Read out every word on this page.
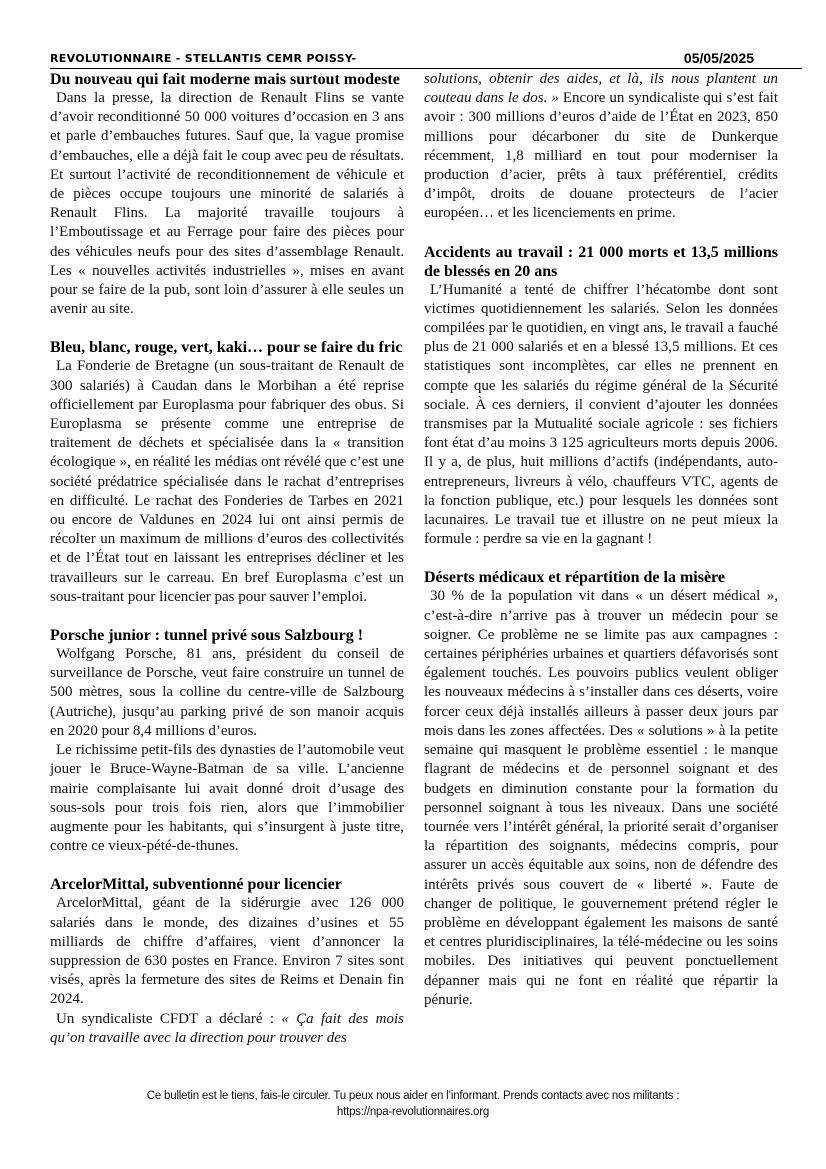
REVOLUTIONNAIRE - STELLANTIS CEMR POISSY-	05/05/2025
Du nouveau qui fait moderne mais surtout modeste

Dans la presse, la direction de Renault Flins se vante d’avoir reconditionné 50 000 voitures d’occasion en 3 ans et parle d’embauches futures. Sauf que, la vague promise d’embauches, elle a déjà fait le coup avec peu de résultats. Et surtout l’activité de reconditionnement de véhicule et de pièces occupe toujours une minorité de salariés à Renault Flins. La majorité travaille toujours à l’Emboutissage et au Ferrage pour faire des pièces pour des véhicules neufs pour des sites d’assemblage Renault. Les « nouvelles activités industrielles », mises en avant pour se faire de la pub, sont loin d’assurer à elle seules un avenir au site.

Bleu, blanc, rouge, vert, kaki… pour se faire du fric

La Fonderie de Bretagne (un sous-traitant de Renault de 300 salariés) à Caudan dans le Morbihan a été reprise officiellement par Europlasma pour fabriquer des obus. Si Europlasma se présente comme une entreprise de traitement de déchets et spécialisée dans la « transition écologique », en réalité les médias ont révélé que c’est une société prédatrice spécialisée dans le rachat d’entreprises en difficulté. Le rachat des Fonderies de Tarbes en 2021 ou encore de Valdunes en 2024 lui ont ainsi permis de récolter un maximum de millions d’euros des collectivités et de l’État tout en laissant les entreprises décliner et les travailleurs sur le carreau. En bref Europlasma c’est un sous-traitant pour licencier pas pour sauver l’emploi.

Porsche junior : tunnel privé sous Salzbourg !

Wolfgang Porsche, 81 ans, président du conseil de surveillance de Porsche, veut faire construire un tunnel de 500 mètres, sous la colline du centre-ville de Salzbourg (Autriche), jusqu’au parking privé de son manoir acquis en 2020 pour 8,4 millions d’euros.

Le richissime petit-fils des dynasties de l’automobile veut jouer le Bruce-Wayne-Batman de sa ville. L’ancienne mairie complaisante lui avait donné droit d’usage des sous-sols pour trois fois rien, alors que l’immobilier augmente pour les habitants, qui s’insurgent à juste titre, contre ce vieux-pété-de-thunes.

ArcelorMittal, subventionné pour licencier

ArcelorMittal, géant de la sidérurgie avec 126 000 salariés dans le monde, des dizaines d’usines et 55 milliards de chiffre d’affaires, vient d’annoncer la suppression de 630 postes en France. Environ 7 sites sont visés, après la fermeture des sites de Reims et Denain fin 2024.

Un syndicaliste CFDT a déclaré : « Ça fait des mois qu’on travaille avec la direction pour trouver des

solutions, obtenir des aides, et là, ils nous plantent un couteau dans le dos. » Encore un syndicaliste qui s’est fait avoir : 300 millions d’euros d’aide de l’État en 2023, 850 millions pour décarboner du site de Dunkerque récemment, 1,8 milliard en tout pour moderniser la production d’acier, prêts à taux préférentiel, crédits d’impôt, droits de douane protecteurs de l’acier européen… et les licenciements en prime.

Accidents au travail : 21 000 morts et 13,5 millions de blessés en 20 ans

L’Humanité a tenté de chiffrer l’hécatombe dont sont victimes quotidiennement les salariés. Selon les données compilées par le quotidien, en vingt ans, le travail a fauché plus de 21 000 salariés et en a blessé 13,5 millions. Et ces statistiques sont incomplètes, car elles ne prennent en compte que les salariés du régime général de la Sécurité sociale. À ces derniers, il convient d’ajouter les données transmises par la Mutualité sociale agricole : ses fichiers font état d’au moins 3 125 agriculteurs morts depuis 2006. Il y a, de plus, huit millions d’actifs (indépendants, auto-entrepreneurs, livreurs à vélo, chauffeurs VTC, agents de la fonction publique, etc.) pour lesquels les données sont lacunaires. Le travail tue et illustre on ne peut mieux la formule : perdre sa vie en la gagnant !

Déserts médicaux et répartition de la misère

30 % de la population vit dans « un désert médical », c’est-à-dire n’arrive pas à trouver un médecin pour se soigner. Ce problème ne se limite pas aux campagnes : certaines périphéries urbaines et quartiers défavorisés sont également touchés. Les pouvoirs publics veulent obliger les nouveaux médecins à s’installer dans ces déserts, voire forcer ceux déjà installés ailleurs à passer deux jours par mois dans les zones affectées. Des « solutions » à la petite semaine qui masquent le problème essentiel : le manque flagrant de médecins et de personnel soignant et des budgets en diminution constante pour la formation du personnel soignant à tous les niveaux. Dans une société tournée vers l’intérêt général, la priorité serait d’organiser la répartition des soignants, médecins compris, pour assurer un accès équitable aux soins, non de défendre des intérêts privés sous couvert de « liberté ». Faute de changer de politique, le gouvernement prétend régler le problème en développant également les maisons de santé et centres pluridisciplinaires, la télé-médecine ou les soins mobiles. Des initiatives qui peuvent ponctuellement dépanner mais qui ne font en réalité que répartir la pénurie.

Ce bulletin est le tiens, fais-le circuler. Tu peux nous aider en l’informant. Prends contacts avec nos militants :
https://npa-revolutionnaires.org
